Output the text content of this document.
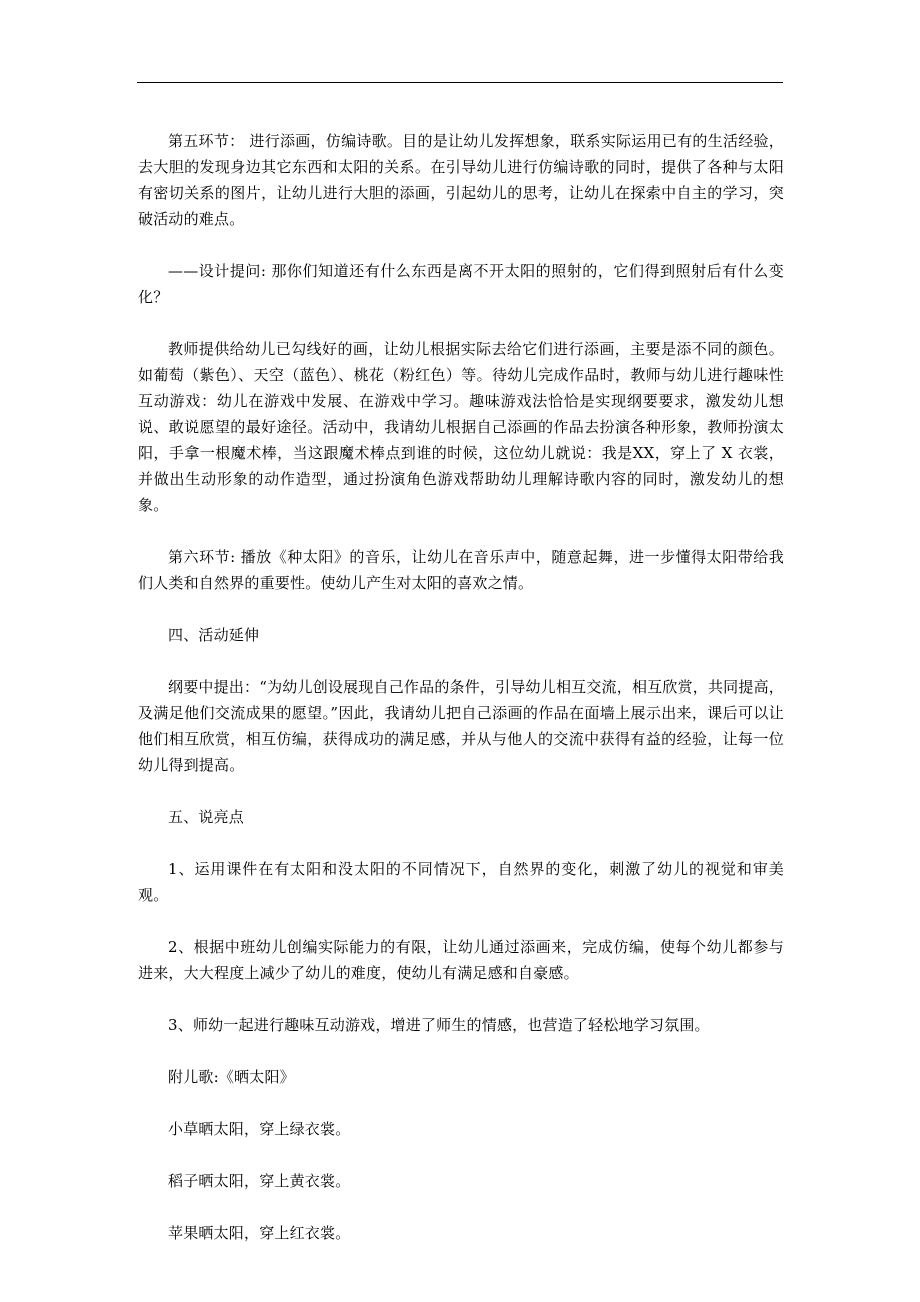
第五环节： 进行添画，仿编诗歌。目的是让幼儿发挥想象，联系实际运用已有的生活经验，去大胆的发现身边其它东西和太阳的关系。在引导幼儿进行仿编诗歌的同时，提供了各种与太阳有密切关系的图片，让幼儿进行大胆的添画，引起幼儿的思考，让幼儿在探索中自主的学习，突破活动的难点。

——设计提问: 那你们知道还有什么东西是离不开太阳的照射的，它们得到照射后有什么变化？

教师提供给幼儿已勾线好的画，让幼儿根据实际去给它们进行添画，主要是添不同的颜色。如葡萄（紫色）、天空（蓝色）、桃花（粉红色）等。待幼儿完成作品时，教师与幼儿进行趣味性互动游戏：幼儿在游戏中发展、在游戏中学习。趣味游戏法恰恰是实现纲要要求，激发幼儿想说、敢说愿望的最好途径。活动中，我请幼儿根据自己添画的作品去扮演各种形象，教师扮演太阳，手拿一根魔术棒，当这跟魔术棒点到谁的时候，这位幼儿就说：我是XX，穿上了 X 衣裳，并做出生动形象的动作造型，通过扮演角色游戏帮助幼儿理解诗歌内容的同时，激发幼儿的想象。

第六环节: 播放《种太阳》的音乐，让幼儿在音乐声中，随意起舞，进一步懂得太阳带给我们人类和自然界的重要性。使幼儿产生对太阳的喜欢之情。

四、活动延伸

纲要中提出：“为幼儿创设展现自己作品的条件，引导幼儿相互交流，相互欣赏，共同提高，及满足他们交流成果的愿望。”因此，我请幼儿把自己添画的作品在面墙上展示出来，课后可以让他们相互欣赏，相互仿编，获得成功的满足感，并从与他人的交流中获得有益的经验，让每一位幼儿得到提高。

五、说亮点

1、运用课件在有太阳和没太阳的不同情况下，自然界的变化，刺激了幼儿的视觉和审美观。

2、根据中班幼儿创编实际能力的有限，让幼儿通过添画来，完成仿编，使每个幼儿都参与进来，大大程度上减少了幼儿的难度，使幼儿有满足感和自豪感。

3、师幼一起进行趣味互动游戏，增进了师生的情感，也营造了轻松地学习氛围。

附儿歌:《晒太阳》

小草晒太阳，穿上绿衣裳。

稻子晒太阳，穿上黄衣裳。

苹果晒太阳，穿上红衣裳。
